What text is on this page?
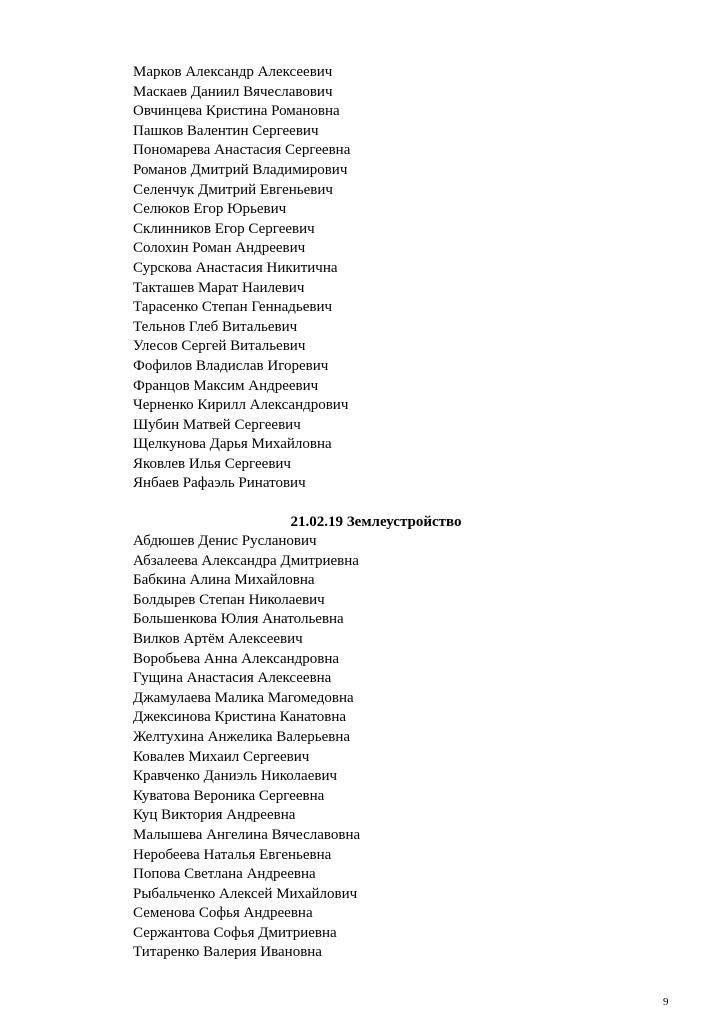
Марков Александр Алексеевич
Маскаев Даниил Вячеславович
Овчинцева Кристина Романовна
Пашков Валентин Сергеевич
Пономарева Анастасия Сергеевна
Романов Дмитрий Владимирович
Селенчук Дмитрий Евгеньевич
Селюков Егор Юрьевич
Склинников Егор Сергеевич
Солохин Роман Андреевич
Сурскова Анастасия Никитична
Такташев Марат Наилевич
Тарасенко Степан Геннадьевич
Тельнов Глеб Витальевич
Улесов Сергей Витальевич
Фофилов Владислав Игоревич
Францов Максим Андреевич
Черненко Кирилл Александрович
Шубин Матвей Сергеевич
Щелкунова Дарья Михайловна
Яковлев Илья Сергеевич
Янбаев Рафаэль Ринатович
21.02.19 Землеустройство
Абдюшев Денис Русланович
Абзалеева Александра Дмитриевна
Бабкина Алина Михайловна
Болдырев Степан Николаевич
Большенкова Юлия Анатольевна
Вилков Артём Алексеевич
Воробьева Анна Александровна
Гущина Анастасия Алексеевна
Джамулаева Малика Магомедовна
Джексинова Кристина Канатовна
Желтухина Анжелика Валерьевна
Ковалев Михаил Сергеевич
Кравченко Даниэль Николаевич
Куватова Вероника Сергеевна
Куц Виктория Андреевна
Малышева Ангелина Вячеславовна
Неробеева Наталья Евгеньевна
Попова Светлана Андреевна
Рыбальченко Алексей Михайлович
Семенова Софья Андреевна
Сержантова Софья Дмитриевна
Титаренко Валерия Ивановна
9
